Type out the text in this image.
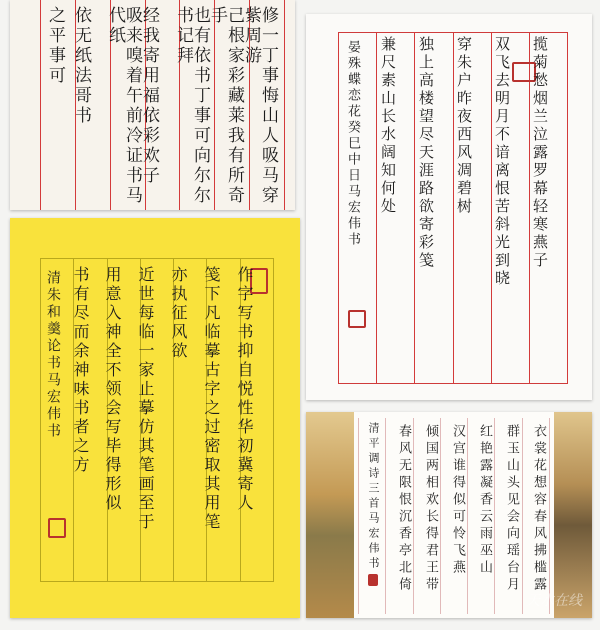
修一丁事悔山人吸马穿紫周游
己根家彩藏莱我有所奇手
也有依书丁事可向尔尔书记拜
经我寄用福依彩欢子
吸来嗅着午前冷证书马代纸
依无纸法哥书
之平事可	揽菊愁烟兰泣露罗幕轻寒燕子
双飞去明月不谙离恨苦斜光到晓
穿朱户昨夜西风凋碧树
独上高楼望尽天涯路欲寄彩笺
兼尺素山长水阔知何处
晏殊蝶恋花癸巳中日马宏伟书
作字写书抑自悦性华初冀寄人
笺下凡临摹古字之过密取其用笔
亦执征风欲
近世每临一家止摹仿其笔画至于
用意入神全不领会写毕得形似
书有尽而余神味书者之方
清朱和羹论书马宏伟书
衣裳花想容春风拂槛露
群玉山头见会向瑶台月
红艳露凝香云雨巫山
汉宫谁得似可怜飞燕
倾国两相欢长得君王带
春风无限恨沉香亭北倚
清平调诗三首马宏伟书
天水在线
